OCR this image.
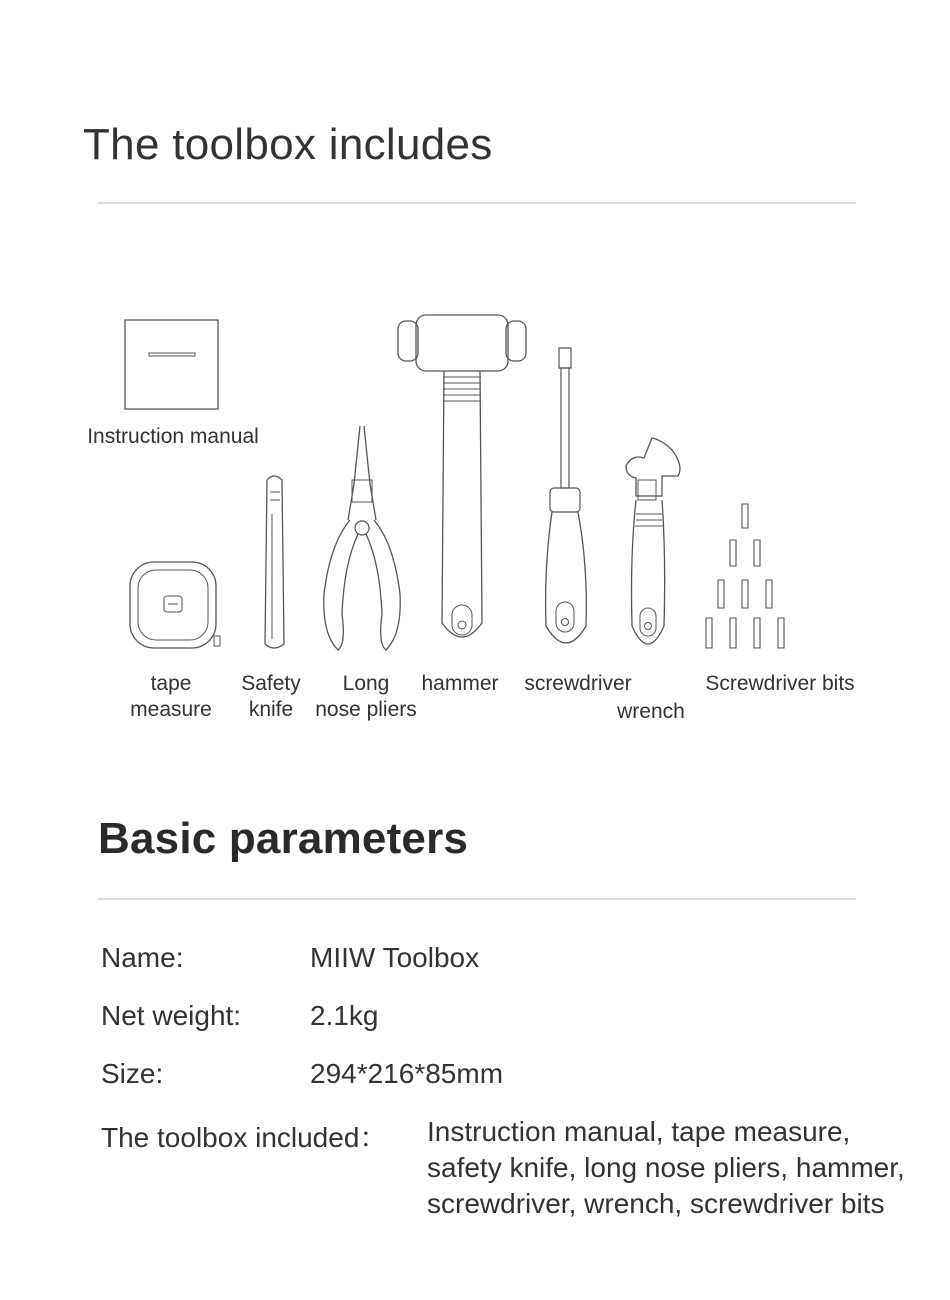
The toolbox includes
Instruction manual
tape
measure
Safety
knife
Long
nose pliers
hammer	screwdriver
wrench
Screwdriver bits
Basic parameters
Name:	MIIW Toolbox
Net weight: 2.1kg
Size:	294*216*85mm
The toolbox included： Instruction manual, tape measure,
safety knife, long nose pliers, hammer,
screwdriver, wrench, screwdriver bits
